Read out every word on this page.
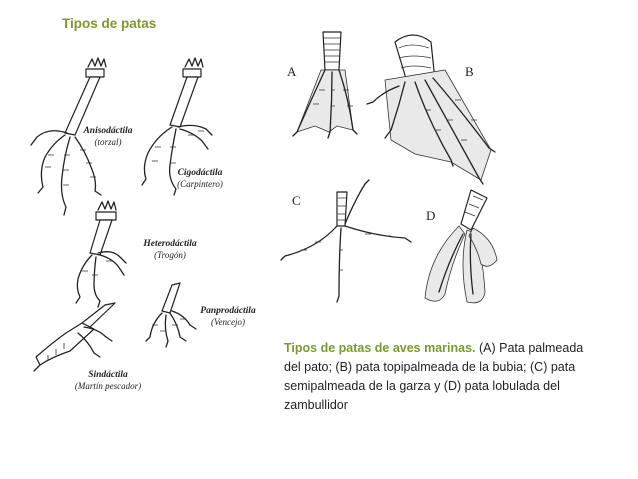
Tipos de patas
Anisodáctila
(torzal)
Cigodáctila
(Carpintero)
Heterodáctila
(Trogón)
Sindáctila
(Martín pescador)
Panprodáctila
(Vencejo)
A	B
C
D
Tipos de patas de aves marinas. (A) Pata palmeada del pato; (B) pata topipalmeada de la bubia; (C) pata semipalmeada de la garza y (D) pata lobulada del zambullidor
